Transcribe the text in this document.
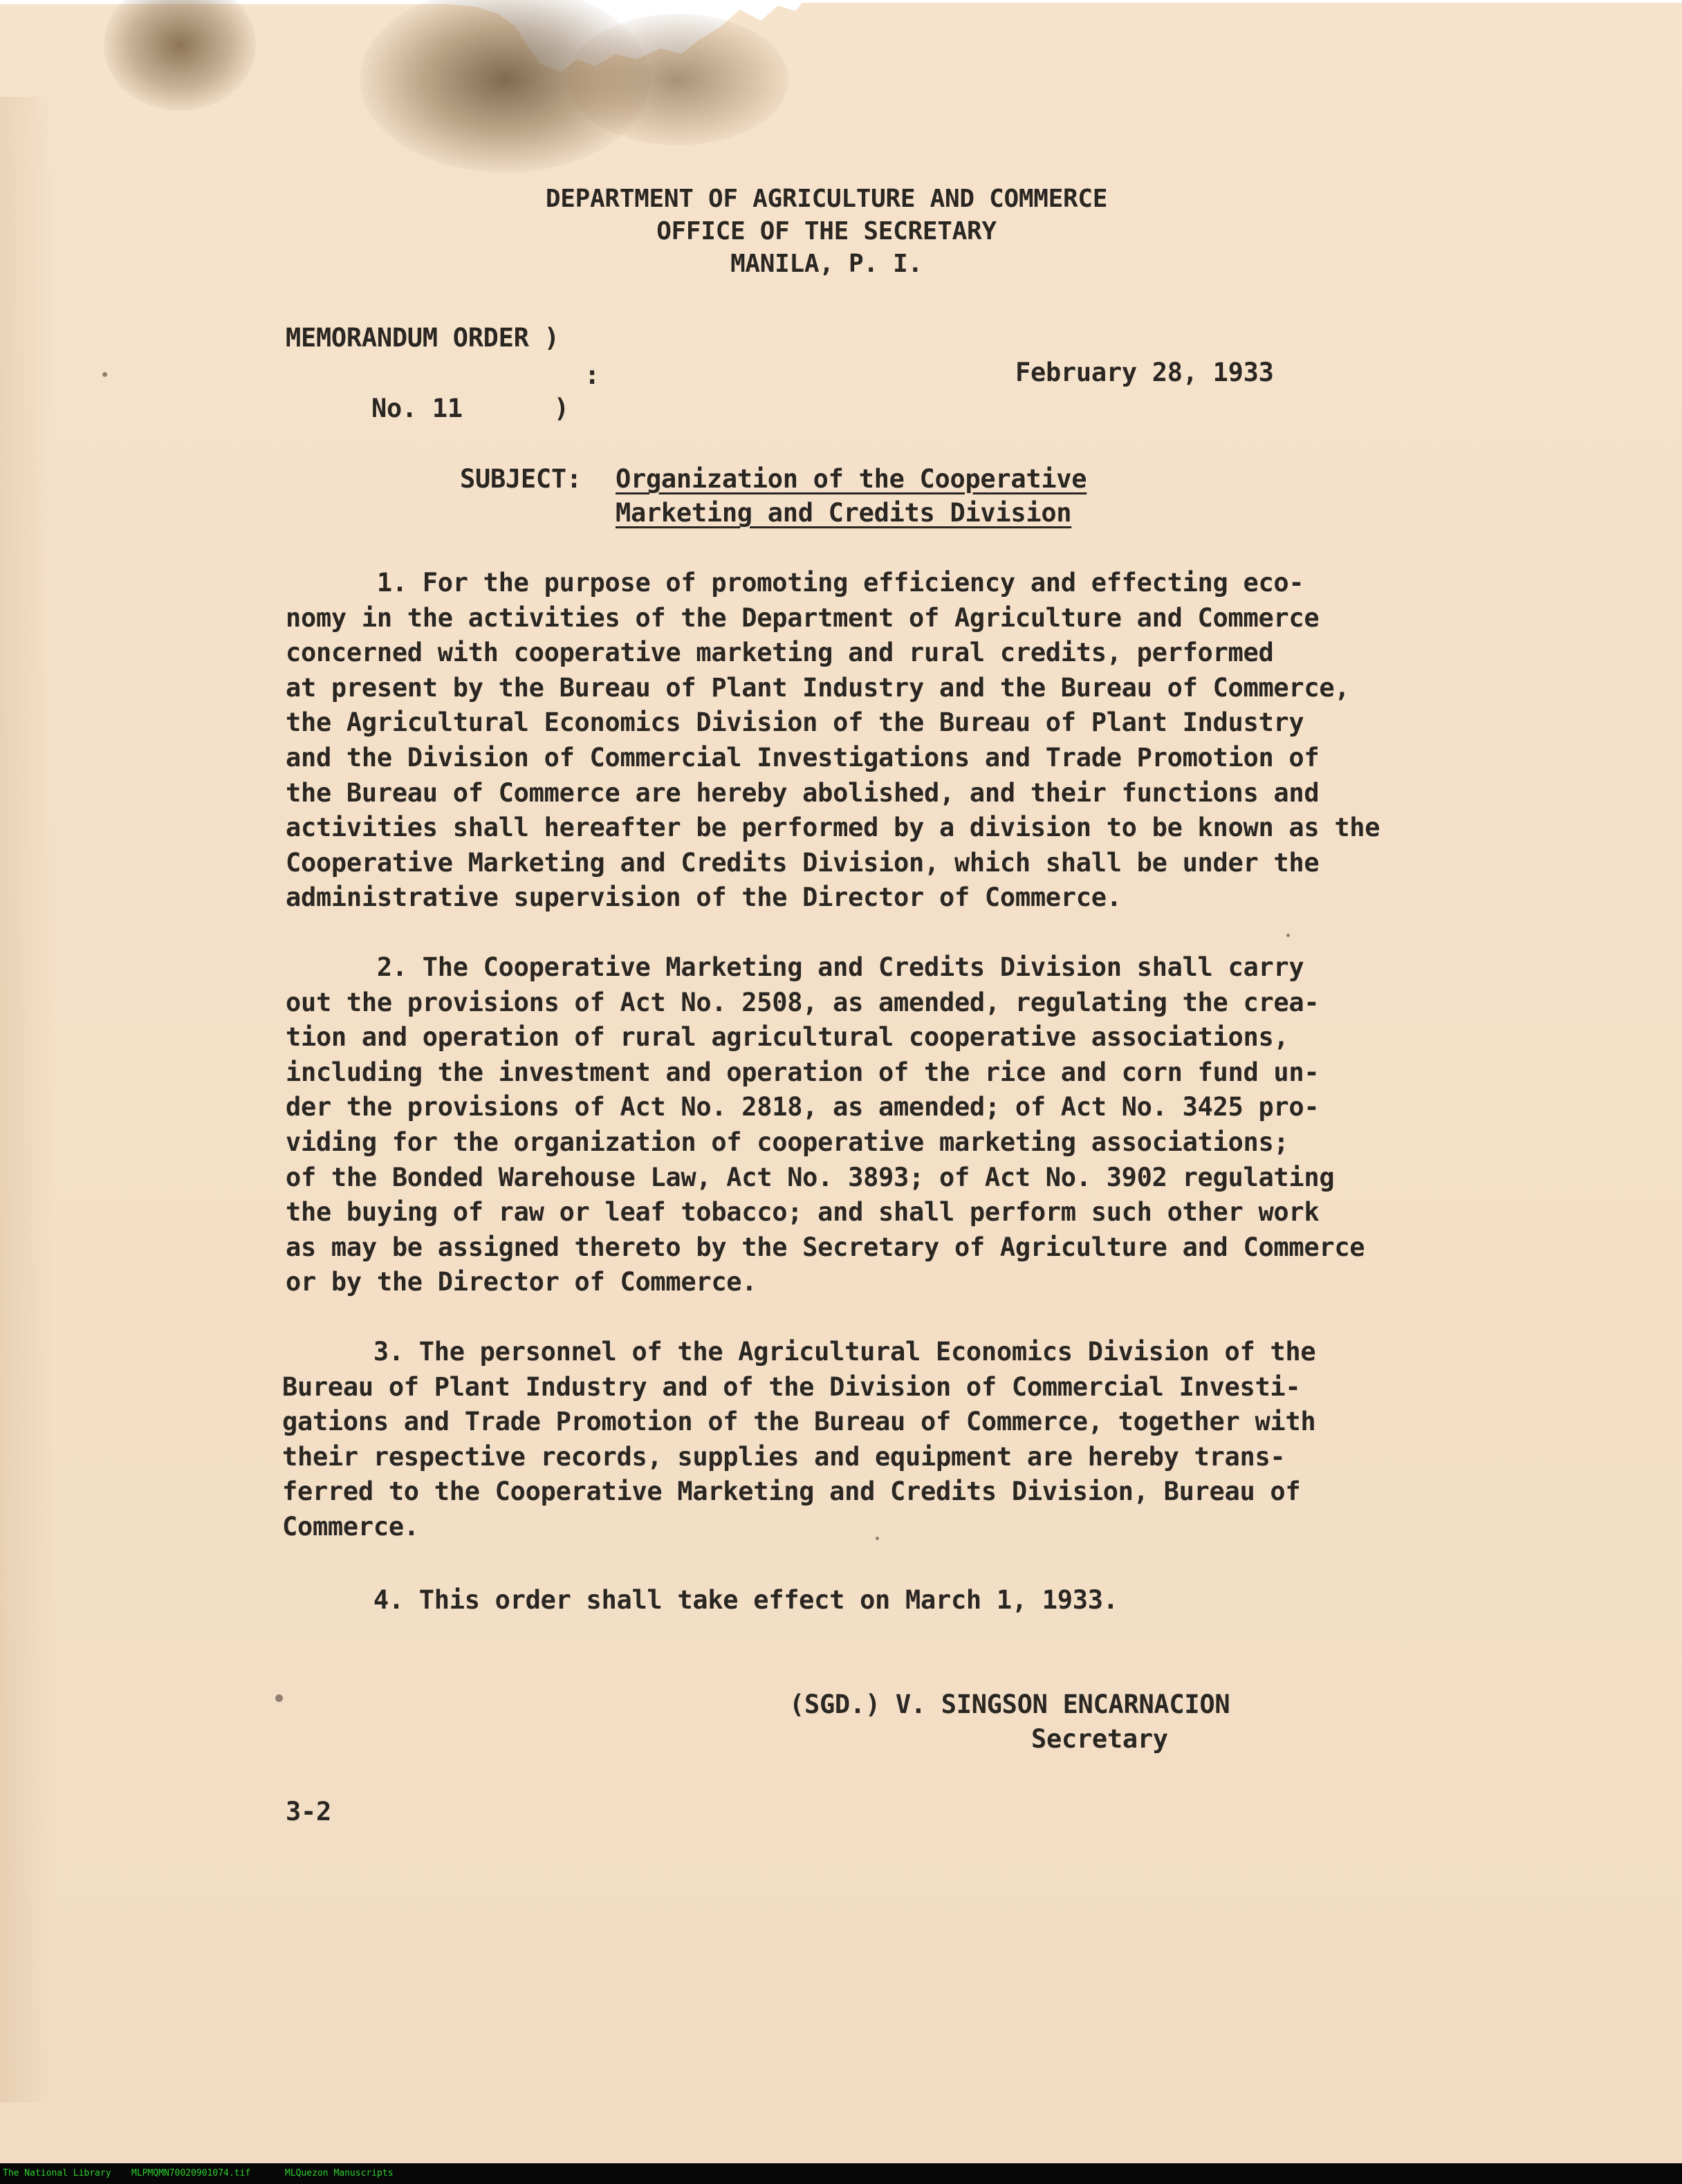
DEPARTMENT OF AGRICULTURE AND COMMERCE
OFFICE OF THE SECRETARY
MANILA, P. I.
MEMORANDUM ORDER )
:
No. 11      )
February 28, 1933
SUBJECT: Organization of the Cooperative
Marketing and Credits Division
1. For the purpose of promoting efficiency and effecting eco-
nomy in the activities of the Department of Agriculture and Commerce
concerned with cooperative marketing and rural credits, performed
at present by the Bureau of Plant Industry and the Bureau of Commerce,
the Agricultural Economics Division of the Bureau of Plant Industry
and the Division of Commercial Investigations and Trade Promotion of
the Bureau of Commerce are hereby abolished, and their functions and
activities shall hereafter be performed by a division to be known as the
Cooperative Marketing and Credits Division, which shall be under the
administrative supervision of the Director of Commerce.
2. The Cooperative Marketing and Credits Division shall carry
out the provisions of Act No. 2508, as amended, regulating the crea-
tion and operation of rural agricultural cooperative associations,
including the investment and operation of the rice and corn fund un-
der the provisions of Act No. 2818, as amended; of Act No. 3425 pro-
viding for the organization of cooperative marketing associations;
of the Bonded Warehouse Law, Act No. 3893; of Act No. 3902 regulating
the buying of raw or leaf tobacco; and shall perform such other work
as may be assigned thereto by the Secretary of Agriculture and Commerce
or by the Director of Commerce.
3. The personnel of the Agricultural Economics Division of the
Bureau of Plant Industry and of the Division of Commercial Investi-
gations and Trade Promotion of the Bureau of Commerce, together with
their respective records, supplies and equipment are hereby trans-
ferred to the Cooperative Marketing and Credits Division, Bureau of
Commerce.
4. This order shall take effect on March 1, 1933.
(SGD.) V. SINGSON ENCARNACION
Secretary
3-2
The National Library MLPMQMN70020901074.tif	MLQuezon Manuscripts
